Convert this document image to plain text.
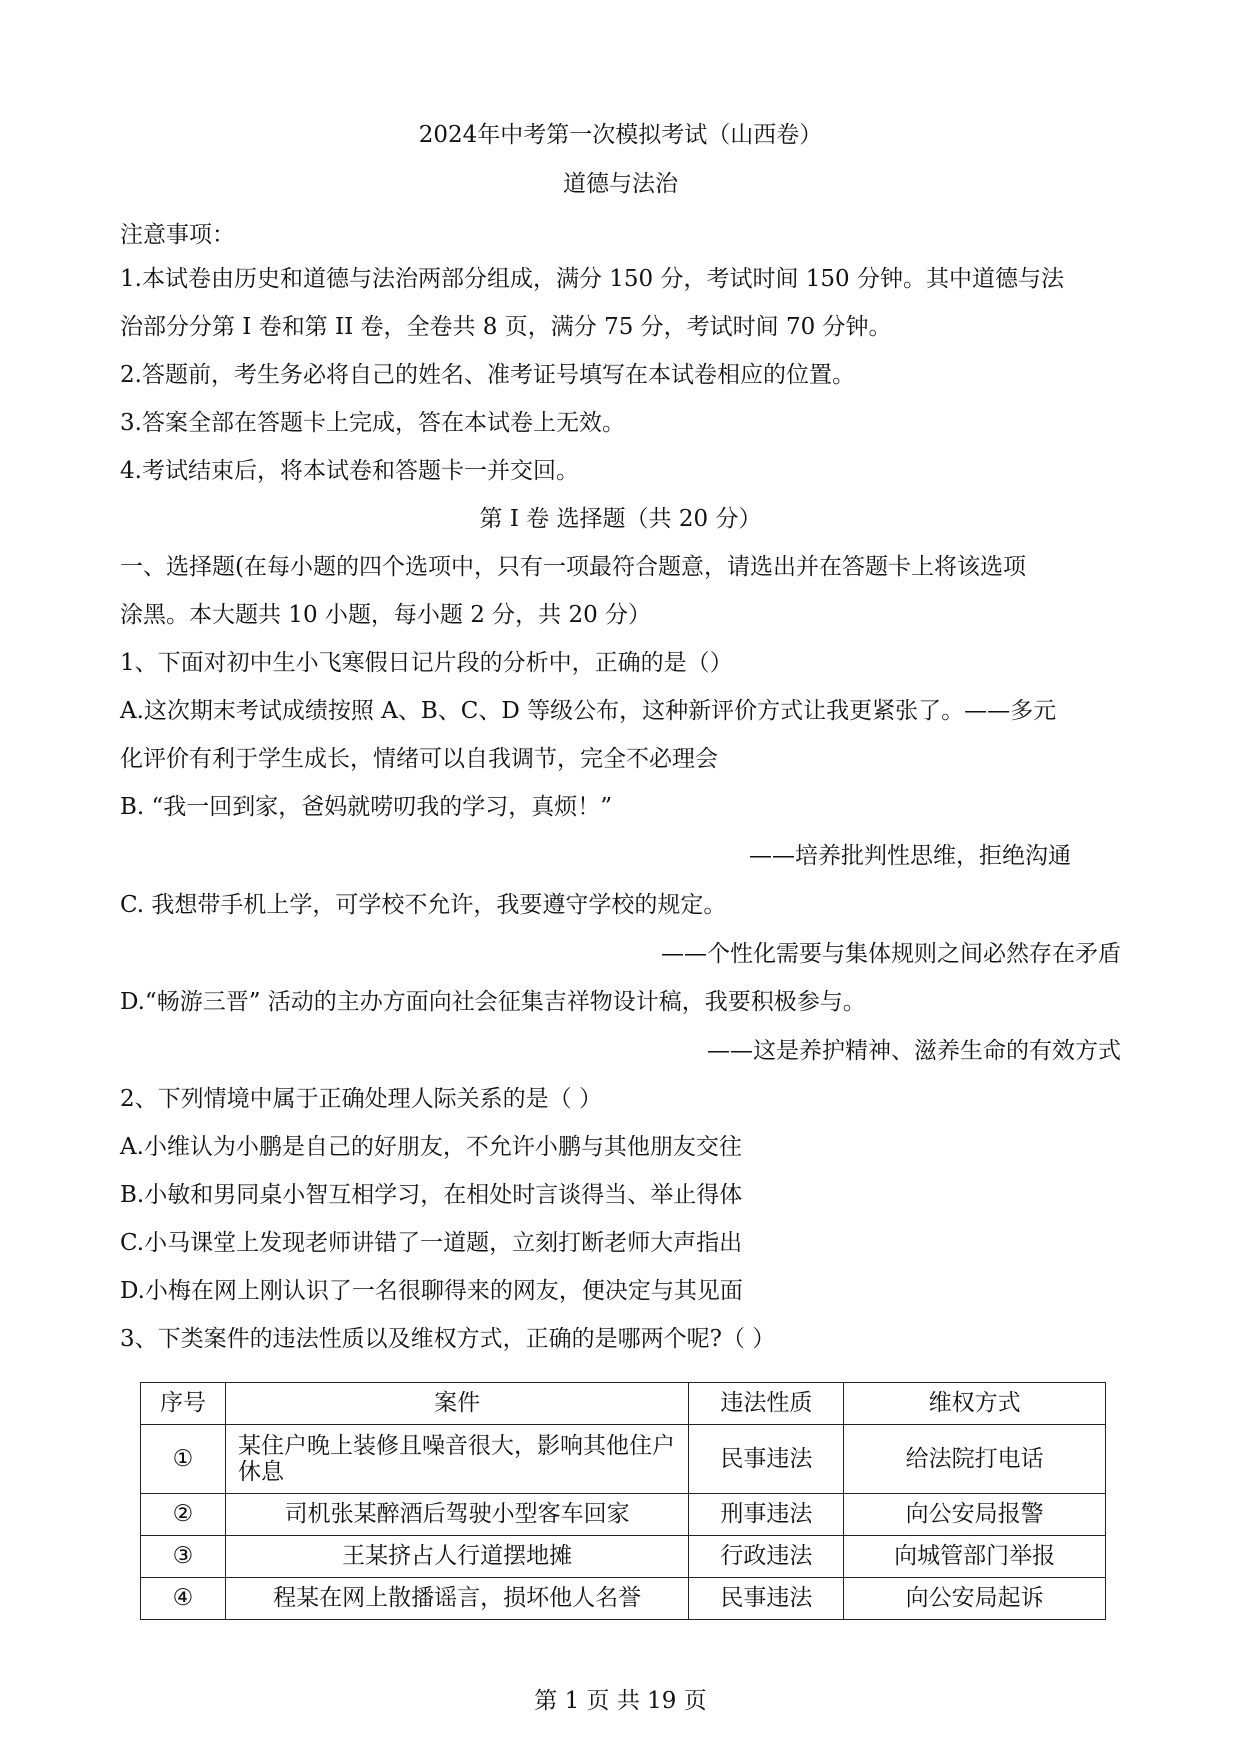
2024年中考第一次模拟考试（山西卷）
道德与法治
注意事项：
1.本试卷由历史和道德与法治两部分组成，满分 150 分，考试时间 150 分钟。其中道德与法
治部分分第 I 卷和第 II 卷，全卷共 8 页，满分 75 分，考试时间 70 分钟。
2.答题前，考生务必将自己的姓名、准考证号填写在本试卷相应的位置。
3.答案全部在答题卡上完成，答在本试卷上无效。
4.考试结束后，将本试卷和答题卡一并交回。
第 Ⅰ 卷 选择题（共 20 分）
一、选择题(在每小题的四个选项中，只有一项最符合题意，请选出并在答题卡上将该选项
涂黑。本大题共 10 小题，每小题 2 分，共 20 分）
1、下面对初中生小飞寒假日记片段的分析中，正确的是（）
A.这次期末考试成绩按照 A、B、C、D 等级公布，这种新评价方式让我更紧张了。——多元
化评价有利于学生成长，情绪可以自我调节，完全不必理会
B. “我一回到家，爸妈就唠叨我的学习，真烦！”
——培养批判性思维，拒绝沟通
C. 我想带手机上学，可学校不允许，我要遵守学校的规定。
——个性化需要与集体规则之间必然存在矛盾
D.“畅游三晋” 活动的主办方面向社会征集吉祥物设计稿，我要积极参与。
——这是养护精神、滋养生命的有效方式
2、下列情境中属于正确处理人际关系的是（ ）
A.小维认为小鹏是自己的好朋友，不允许小鹏与其他朋友交往
B.小敏和男同桌小智互相学习，在相处时言谈得当、举止得体
C.小马课堂上发现老师讲错了一道题，立刻打断老师大声指出
D.小梅在网上刚认识了一名很聊得来的网友，便决定与其见面
3、下类案件的违法性质以及维权方式，正确的是哪两个呢?（ ）
序号	案件	违法性质	维权方式
①	某住户晚上装修且噪音很大，影响其他住户休息	民事违法	给法院打电话
②	司机张某醉酒后驾驶小型客车回家	刑事违法	向公安局报警
③	王某挤占人行道摆地摊	行政违法	向城管部门举报
④	程某在网上散播谣言，损坏他人名誉	民事违法	向公安局起诉
第 1 页 共 19 页
